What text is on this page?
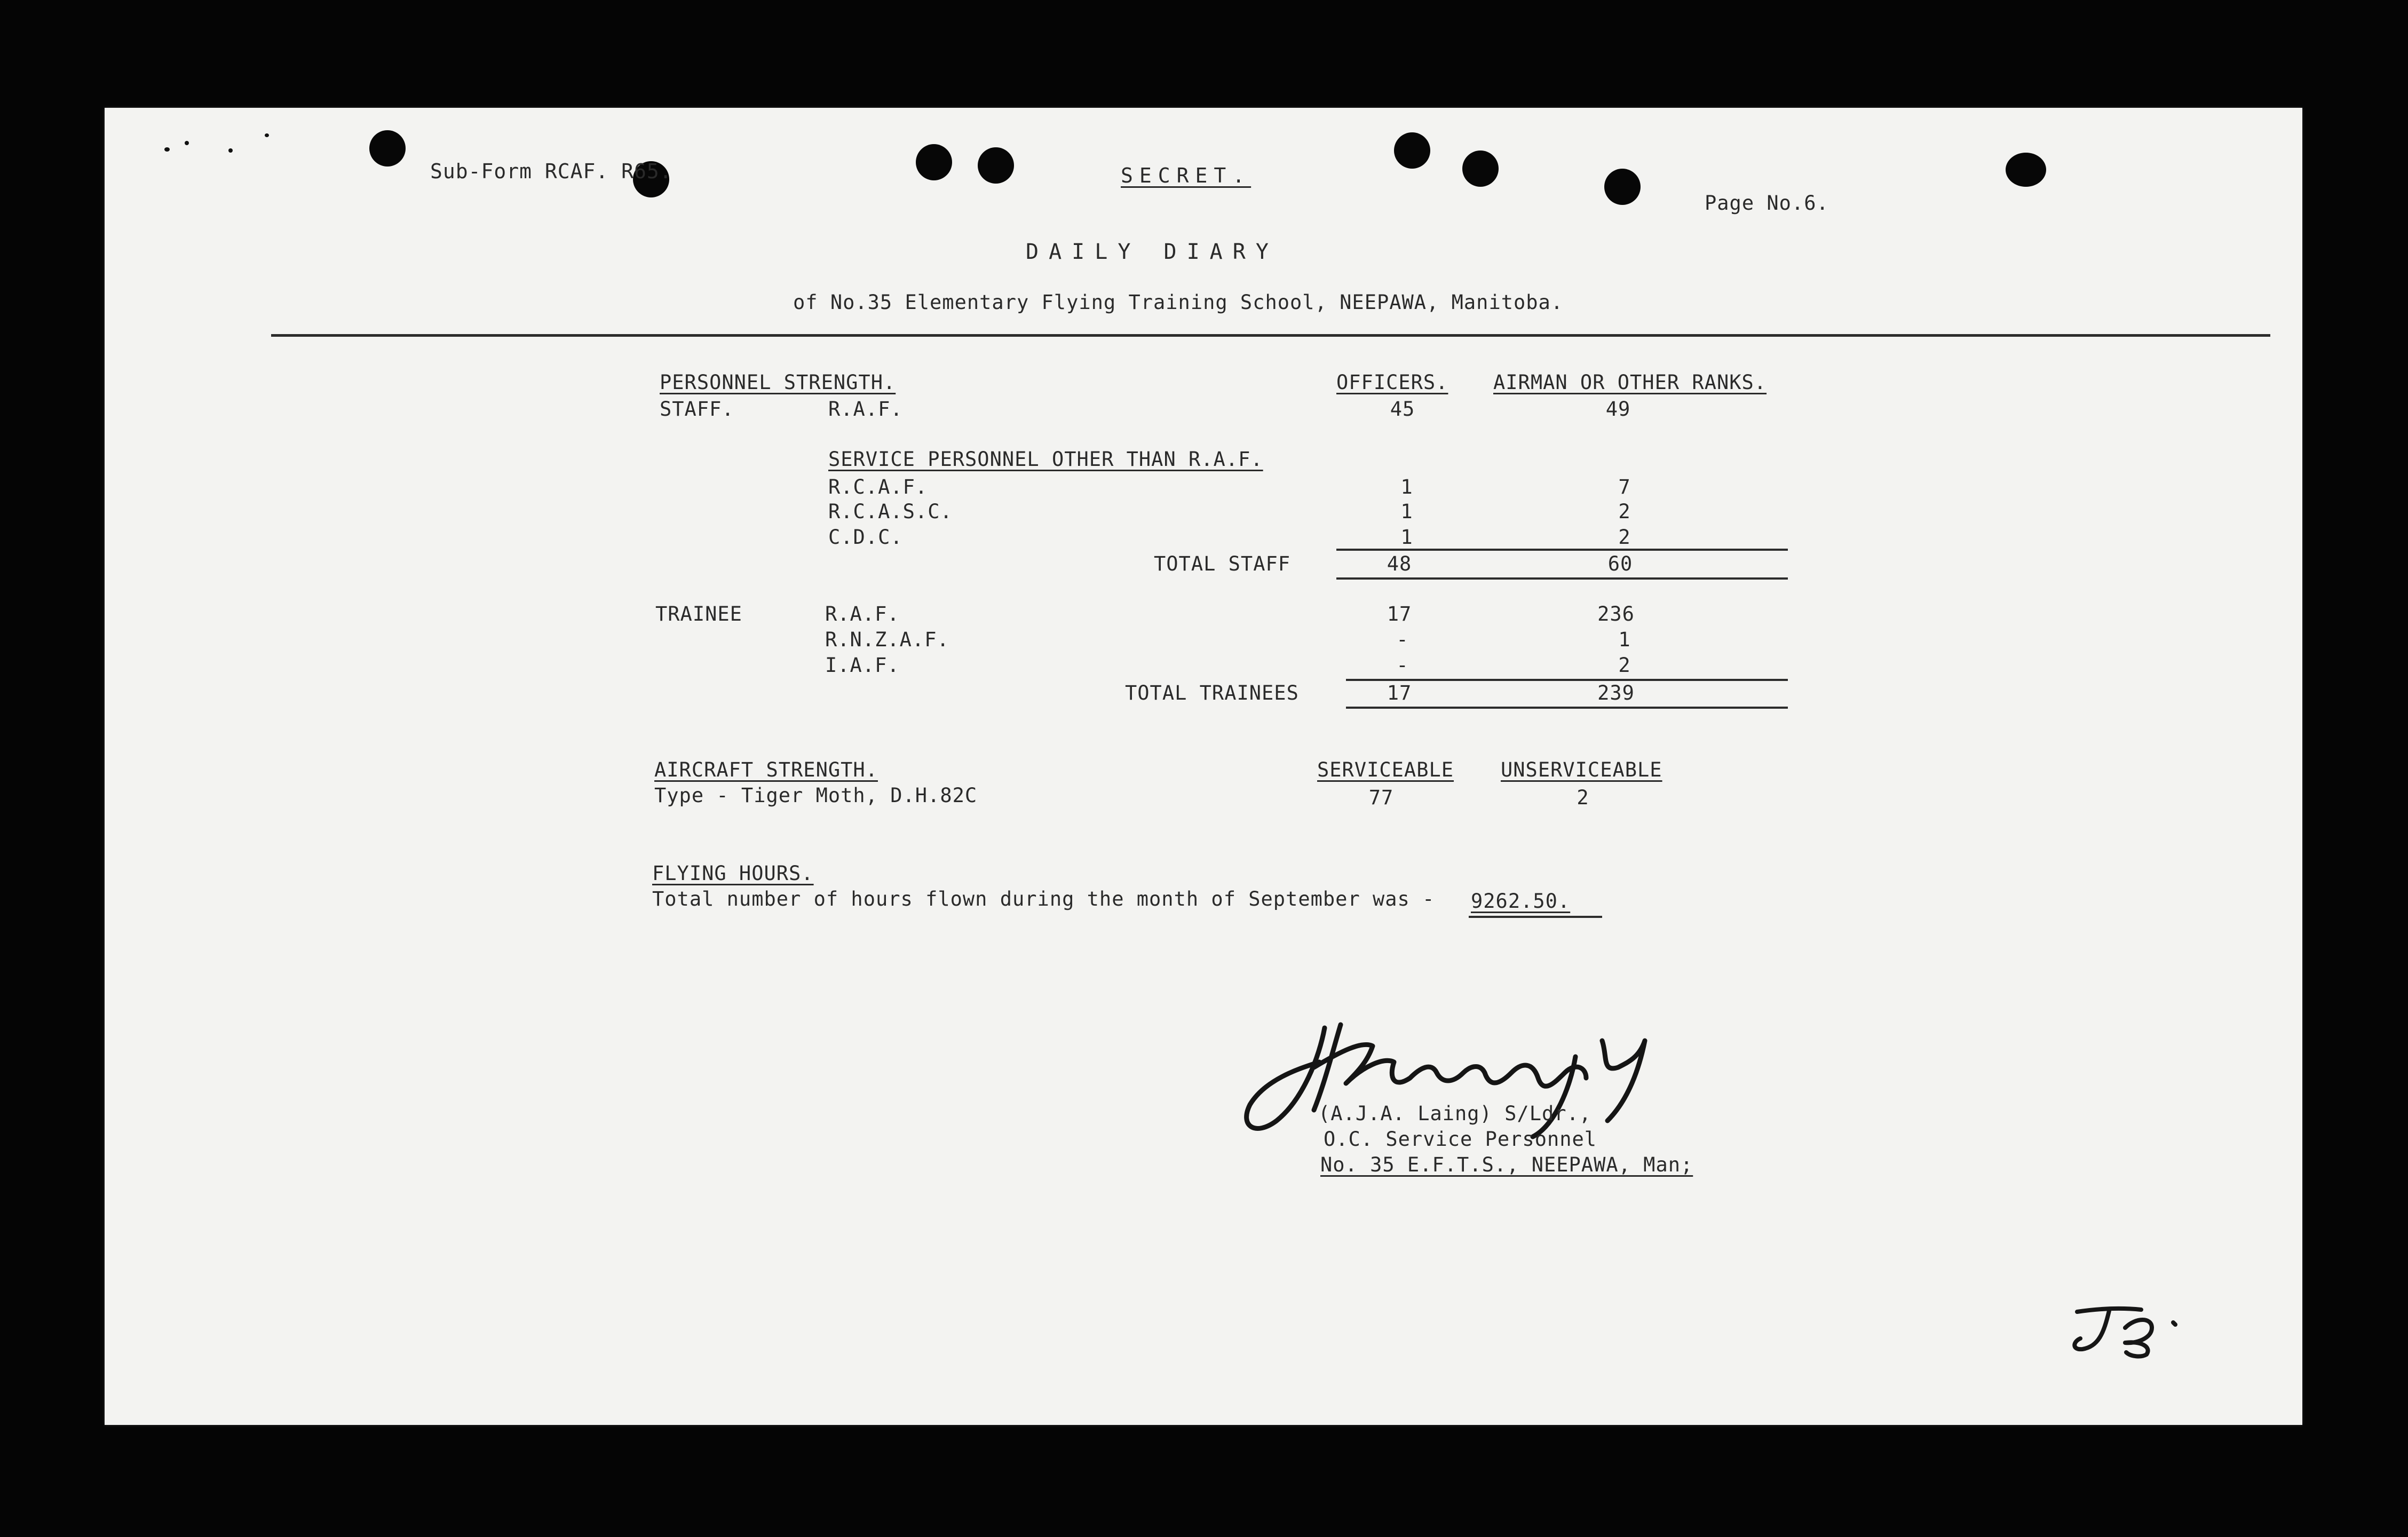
Sub-Form RCAF. R65.	SECRET.
Page No.6.
DAILY DIARY
of No.35 Elementary Flying Training School, NEEPAWA, Manitoba.
PERSONNEL STRENGTH.	OFFICERS. AIRMAN OR OTHER RANKS.
STAFF.	R.A.F.	45	49
SERVICE PERSONNEL OTHER THAN R.A.F.
R.C.A.F.	1	7
R.C.A.S.C.	1	2
C.D.C.	1	2
TOTAL STAFF	48	60
TRAINEE	R.A.F.	17	236
R.N.Z.A.F.	-	1
I.A.F.	-	2
TOTAL TRAINEES	17	239
AIRCRAFT STRENGTH.	SERVICEABLE UNSERVICEABLE
Type - Tiger Moth, D.H.82C	77	2
FLYING HOURS.
Total number of hours flown during the month of September was - 9262.50.
(A.J.A. Laing) S/Ldr.,
O.C. Service Personnel
No. 35 E.F.T.S., NEEPAWA, Man;
